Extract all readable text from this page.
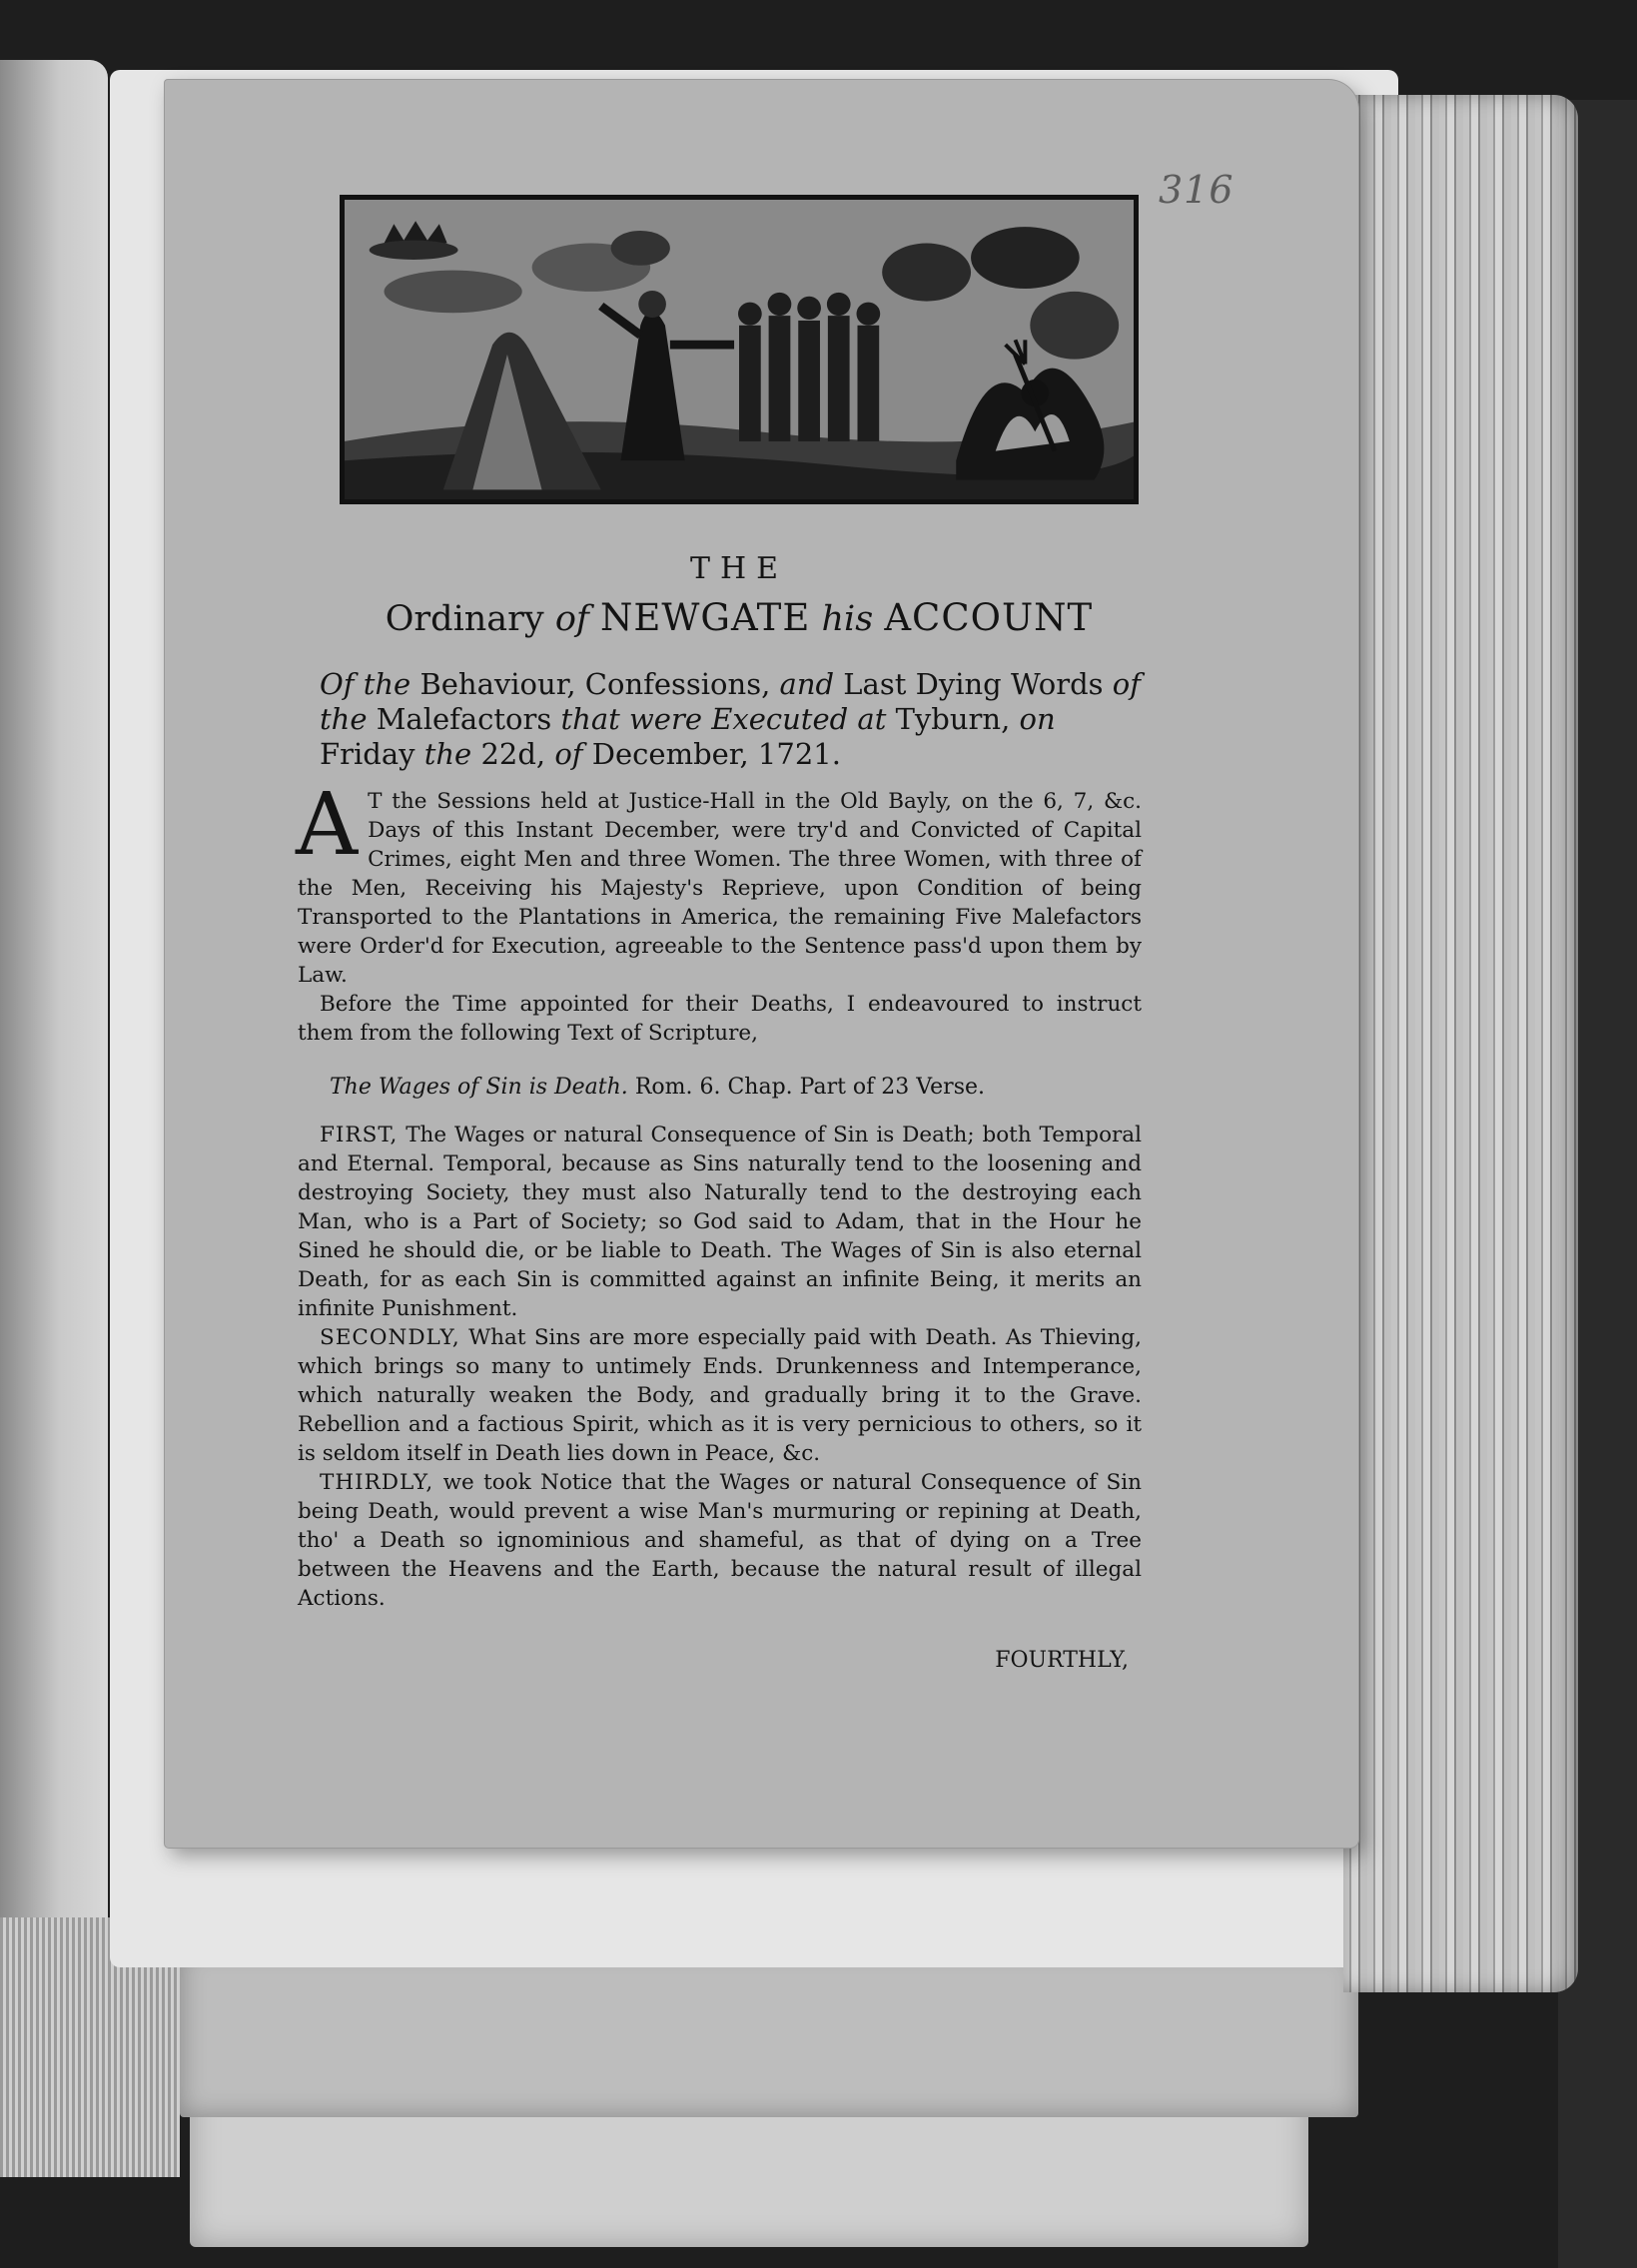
316
THE
Ordinary of NEWGATE his ACCOUNT
Of the Behaviour, Confessions, and Last Dying Words of the Malefactors that were Executed at Tyburn, on Friday the 22d, of December, 1721.

A T the Sessions held at Justice-Hall in the Old Bayly, on the 6, 7, &c. Days of this Instant December, were try'd and Convicted of Capital Crimes, eight Men and three Women. The three Women, with three of the Men, Receiving his Majesty's Reprieve, upon Condition of being Transported to the Plantations in America, the remaining Five Malefactors were Order'd for Execution, agreeable to the Sentence pass'd upon them by Law.

Before the Time appointed for their Deaths, I endeavoured to instruct them from the following Text of Scripture,

The Wages of Sin is Death. Rom. 6. Chap. Part of 23 Verse.

FIRST, The Wages or natural Consequence of Sin is Death; both Temporal and Eternal. Temporal, because as Sins naturally tend to the loosening and destroying Society, they must also Naturally tend to the destroying each Man, who is a Part of Society; so God said to Adam, that in the Hour he Sined he should die, or be liable to Death. The Wages of Sin is also eternal Death, for as each Sin is committed against an infinite Being, it merits an infinite Punishment.

SECONDLY, What Sins are more especially paid with Death. As Thieving, which brings so many to untimely Ends. Drunkenness and Intemperance, which naturally weaken the Body, and gradually bring it to the Grave. Rebellion and a factious Spirit, which as it is very pernicious to others, so it is seldom itself in Death lies down in Peace, &c.

THIRDLY, we took Notice that the Wages or natural Consequence of Sin being Death, would prevent a wise Man's murmuring or repining at Death, tho' a Death so ignominious and shameful, as that of dying on a Tree between the Heavens and the Earth, because the natural result of illegal Actions.

FOURTHLY,
